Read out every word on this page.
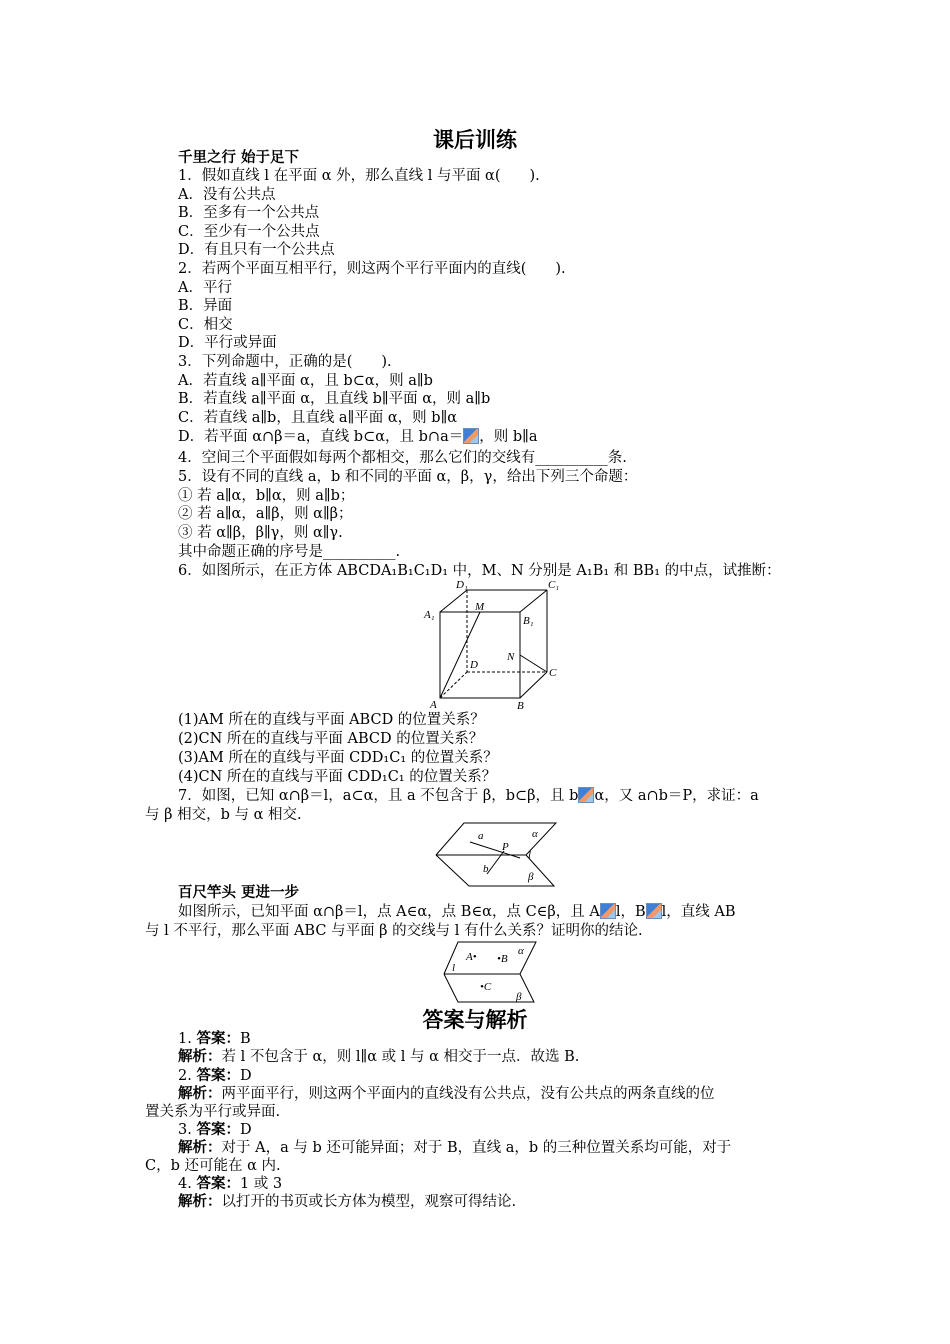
课后训练
千里之行 始于足下
1．假如直线 l 在平面 α 外，那么直线 l 与平面 α(　　).
A．没有公共点
B．至多有一个公共点
C．至少有一个公共点
D．有且只有一个公共点
2．若两个平面互相平行，则这两个平行平面内的直线(　　).
A．平行
B．异面
C．相交
D．平行或异面
3．下列命题中，正确的是(　　).
A．若直线 a∥平面 α，且 b⊂α，则 a∥b
B．若直线 a∥平面 α，且直线 b∥平面 α，则 a∥b
C．若直线 a∥b，且直线 a∥平面 α，则 b∥α
D．若平面 α∩β＝a，直线 b⊂α，且 b∩a＝ ，则 b∥a
4．空间三个平面假如每两个都相交，那么它们的交线有__________条.
5．设有不同的直线 a，b 和不同的平面 α，β，γ，给出下列三个命题：
① 若 a∥α，b∥α，则 a∥b；
② 若 a∥α，a∥β，则 α∥β；
③ 若 α∥β，β∥γ，则 α∥γ.
其中命题正确的序号是__________.
6．如图所示，在正方体 ABCDA₁B₁C₁D₁ 中，M、N 分别是 A₁B₁ 和 BB₁ 的中点，试推断：
A₁	B₁
C₁
D₁
M
N
A	B
C
D
(1)AM 所在的直线与平面 ABCD 的位置关系？
(2)CN 所在的直线与平面 ABCD 的位置关系？
(3)AM 所在的直线与平面 CDD₁C₁ 的位置关系？
(4)CN 所在的直线与平面 CDD₁C₁ 的位置关系？
7．如图，已知 α∩β＝l，a⊂α，且 a 不包含于 β，b⊂β，且 b α，又 a∩b＝P，求证：a
与 β 相交，b 与 α 相交.
a	α
P
l
b
β
百尺竿头 更进一步
如图所示，已知平面 α∩β＝l，点 A∈α，点 B∈α，点 C∈β，且 A l，B l，直线 AB
与 l 不平行，那么平面 ABC 与平面 β 的交线与 l 有什么关系？证明你的结论.
A• •B
α
l
•C
β
答案与解析
1. 答案：B
解析：若 l 不包含于 α，则 l∥α 或 l 与 α 相交于一点．故选 B.
2. 答案：D
解析：两平面平行，则这两个平面内的直线没有公共点，没有公共点的两条直线的位
置关系为平行或异面.
3. 答案：D
解析：对于 A，a 与 b 还可能异面；对于 B，直线 a，b 的三种位置关系均可能，对于
C，b 还可能在 α 内.
4. 答案：1 或 3
解析：以打开的书页或长方体为模型，观察可得结论.
